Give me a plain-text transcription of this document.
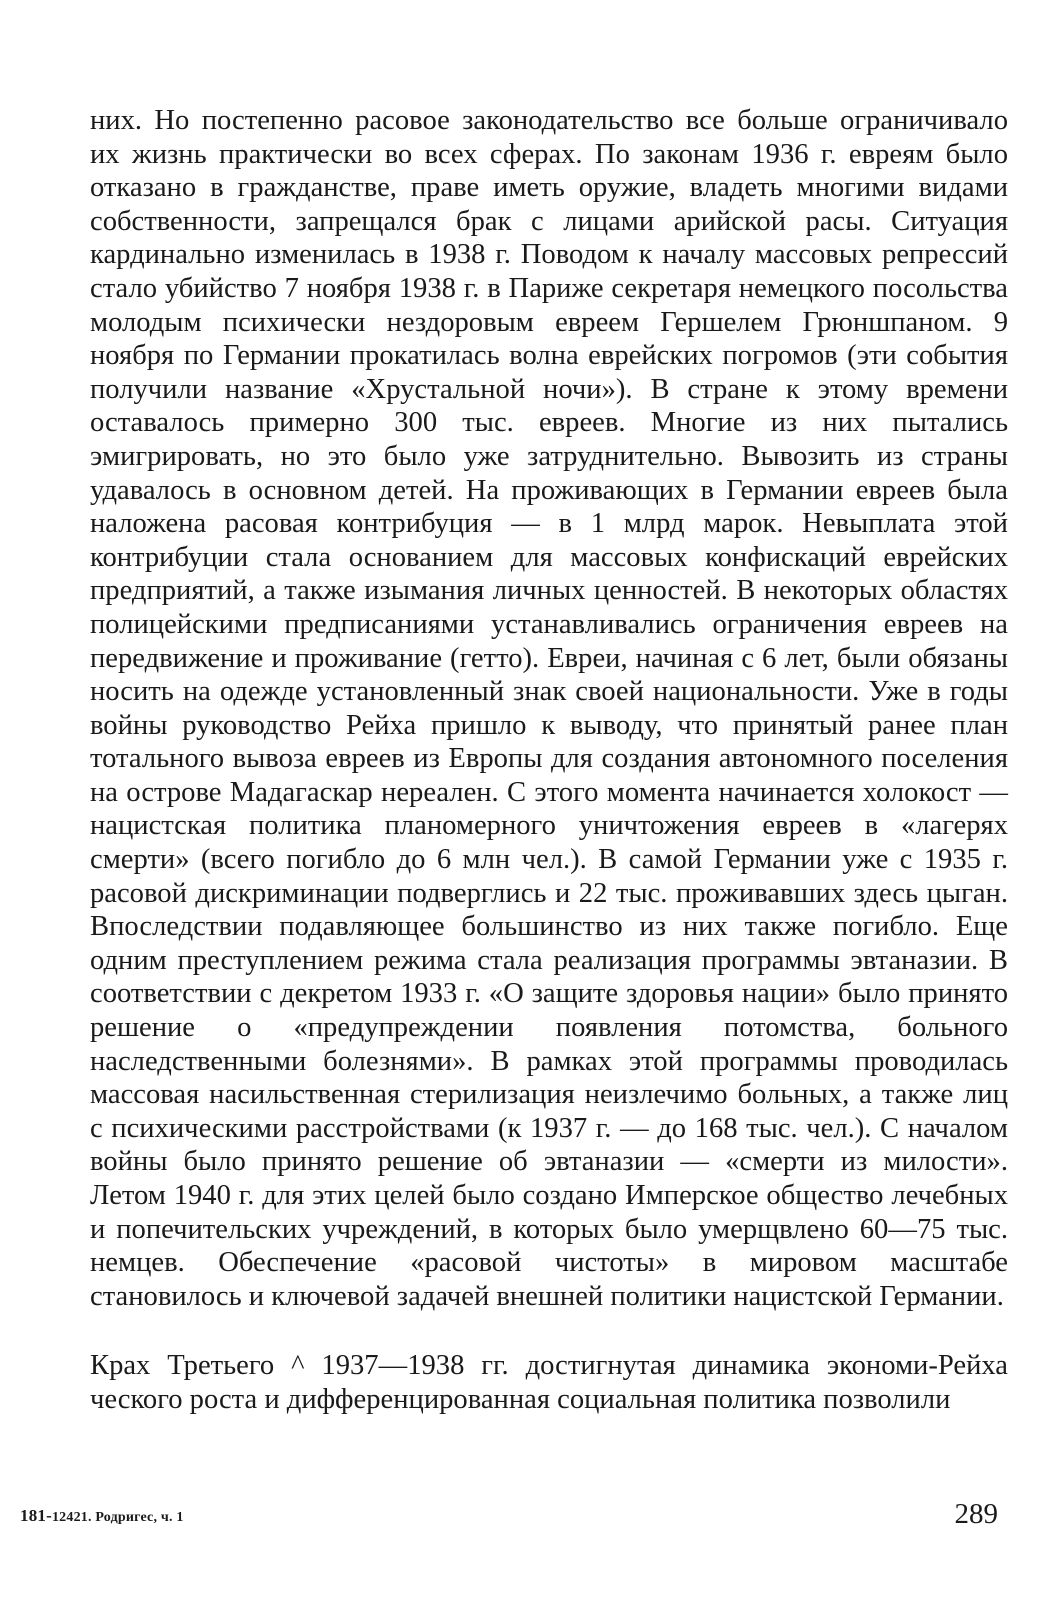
них. Но постепенно расовое законодательство все больше ограничивало их жизнь практически во всех сферах. По законам 1936 г. евреям было отказано в гражданстве, праве иметь оружие, владеть многими видами собственности, запрещался брак с лицами арийской расы. Ситуация кардинально изменилась в 1938 г. Поводом к началу массовых репрессий стало убийство 7 ноября 1938 г. в Париже секретаря немецкого посольства молодым психически нездоровым евреем Гершелем Грюншпаном. 9 ноября по Германии прокатилась волна еврейских погромов (эти события получили название «Хрустальной ночи»). В стране к этому времени оставалось примерно 300 тыс. евреев. Многие из них пытались эмигрировать, но это было уже затруднительно. Вывозить из страны удавалось в основном детей. На проживающих в Германии евреев была наложена расовая контрибуция — в 1 млрд марок. Невыплата этой контрибуции стала основанием для массовых конфискаций еврейских предприятий, а также изымания личных ценностей. В некоторых областях полицейскими предписаниями устанавливались ограничения евреев на передвижение и проживание (гетто). Евреи, начиная с 6 лет, были обязаны носить на одежде установленный знак своей национальности. Уже в годы войны руководство Рейха пришло к выводу, что принятый ранее план тотального вывоза евреев из Европы для создания автономного поселения на острове Мадагаскар нереален. С этого момента начинается холокост — нацистская политика планомерного уничтожения евреев в «лагерях смерти» (всего погибло до 6 млн чел.). В самой Германии уже с 1935 г. расовой дискриминации подверглись и 22 тыс. проживавших здесь цыган. Впоследствии подавляющее большинство из них также погибло. Еще одним преступлением режима стала реализация программы эвтаназии. В соответствии с декретом 1933 г. «О защите здоровья нации» было принято решение о «предупреждении появления потомства, больного наследственными болезнями». В рамках этой программы проводилась массовая насильственная стерилизация неизлечимо больных, а также лиц с психическими расстройствами (к 1937 г. — до 168 тыс. чел.). С началом войны было принято решение об эвтаназии — «смерти из милости». Летом 1940 г. для этих целей было создано Имперское общество лечебных и попечительских учреждений, в которых было умерщвлено 60—75 тыс. немцев. Обеспечение «расовой чистоты» в мировом масштабе становилось и ключевой задачей внешней политики нацистской Германии.

Крах Третьего ^ 1937—1938 гг. достигнутая динамика экономи-Рейха ческого роста и дифференцированная социальная политика позволили

181-12421. Родригес, ч. 1	289
